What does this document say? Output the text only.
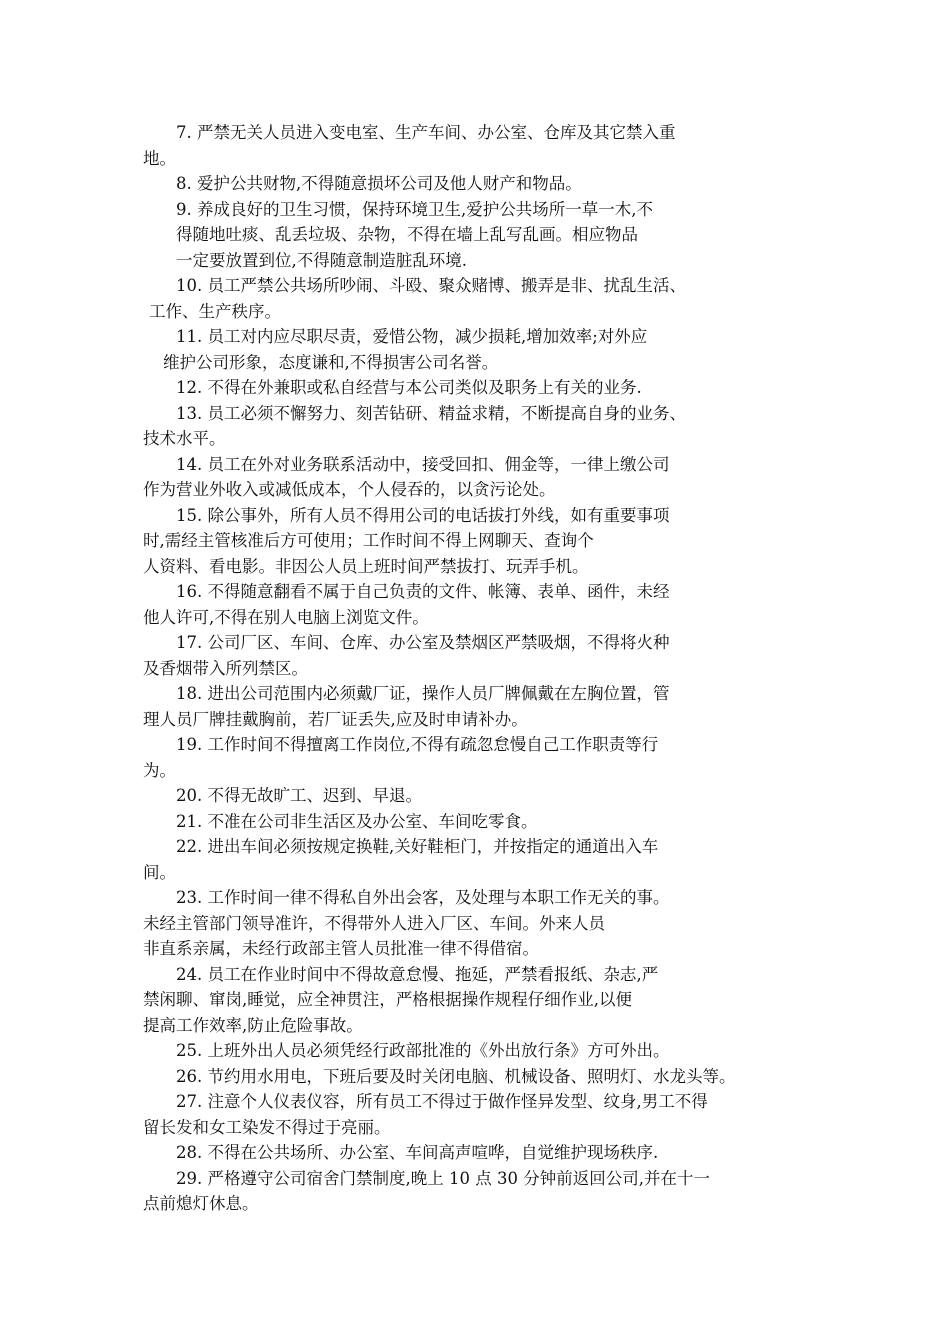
7. 严禁无关人员进入变电室、生产车间、办公室、仓库及其它禁入重
地。
8. 爱护公共财物,不得随意损坏公司及他人财产和物品。
9. 养成良好的卫生习惯，保持环境卫生,爱护公共场所一草一木,不
得随地吐痰、乱丢垃圾、杂物，不得在墙上乱写乱画。相应物品
一定要放置到位,不得随意制造脏乱环境.
10. 员工严禁公共场所吵闹、斗殴、聚众赌博、搬弄是非、扰乱生活、
工作、生产秩序。
11. 员工对内应尽职尽责，爱惜公物，减少损耗,增加效率;对外应
维护公司形象，态度谦和,不得损害公司名誉。
12. 不得在外兼职或私自经营与本公司类似及职务上有关的业务.
13. 员工必须不懈努力、刻苦钻研、精益求精，不断提高自身的业务、
技术水平。
14. 员工在外对业务联系活动中，接受回扣、佣金等，一律上缴公司
作为营业外收入或减低成本，个人侵吞的，以贪污论处。
15. 除公事外，所有人员不得用公司的电话拔打外线，如有重要事项
时,需经主管核准后方可使用；工作时间不得上网聊天、查询个
人资料、看电影。非因公人员上班时间严禁拔打、玩弄手机。
16. 不得随意翻看不属于自己负责的文件、帐簿、表单、函件，未经
他人许可,不得在别人电脑上浏览文件。
17. 公司厂区、车间、仓库、办公室及禁烟区严禁吸烟，不得将火种
及香烟带入所列禁区。
18. 进出公司范围内必须戴厂证，操作人员厂牌佩戴在左胸位置，管
理人员厂牌挂戴胸前，若厂证丢失,应及时申请补办。
19. 工作时间不得擅离工作岗位,不得有疏忽怠慢自己工作职责等行
为。
20. 不得无故旷工、迟到、早退。
21. 不准在公司非生活区及办公室、车间吃零食。
22. 进出车间必须按规定换鞋,关好鞋柜门，并按指定的通道出入车
间。
23. 工作时间一律不得私自外出会客，及处理与本职工作无关的事。
未经主管部门领导准许，不得带外人进入厂区、车间。外来人员
非直系亲属，未经行政部主管人员批准一律不得借宿。
24. 员工在作业时间中不得故意怠慢、拖延，严禁看报纸、杂志,严
禁闲聊、窜岗,睡觉，应全神贯注，严格根据操作规程仔细作业,以便
提高工作效率,防止危险事故。
25. 上班外出人员必须凭经行政部批准的《外出放行条》方可外出。
26. 节约用水用电，下班后要及时关闭电脑、机械设备、照明灯、水龙头等。
27. 注意个人仪表仪容，所有员工不得过于做作怪异发型、纹身,男工不得
留长发和女工染发不得过于亮丽。
28. 不得在公共场所、办公室、车间高声喧哗，自觉维护现场秩序.
29. 严格遵守公司宿舍门禁制度,晚上 10 点 30 分钟前返回公司,并在十一
点前熄灯休息。
